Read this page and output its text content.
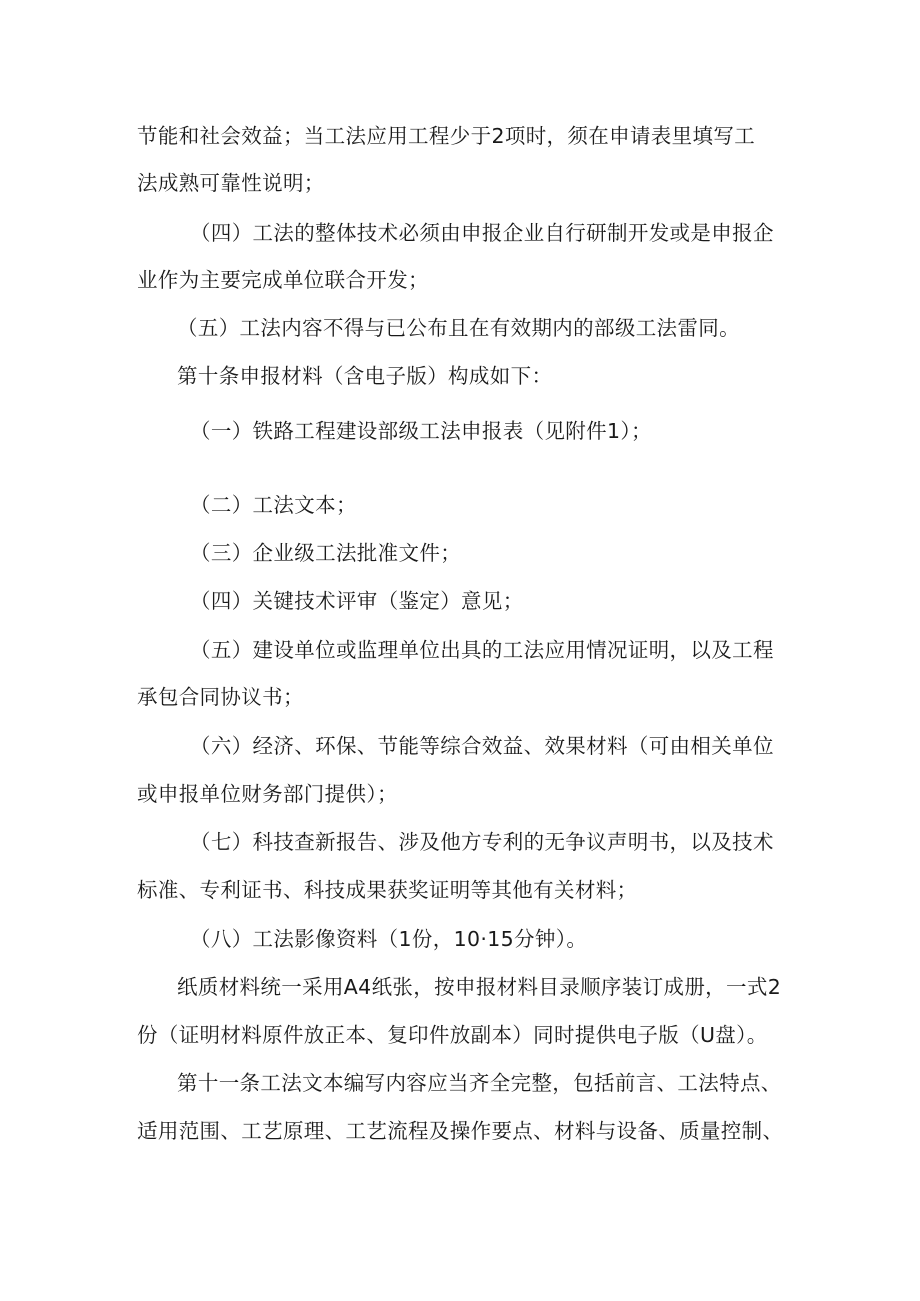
节能和社会效益；当工法应用工程少于2项时，须在申请表里填写工
法成熟可靠性说明；
（四）工法的整体技术必须由申报企业自行研制开发或是申报企
业作为主要完成单位联合开发；
（五）工法内容不得与已公布且在有效期内的部级工法雷同。
第十条申报材料（含电子版）构成如下：
（一）铁路工程建设部级工法申报表（见附件1）；
（二）工法文本；
（三）企业级工法批准文件；
（四）关键技术评审（鉴定）意见；
（五）建设单位或监理单位出具的工法应用情况证明，以及工程
承包合同协议书；
（六）经济、环保、节能等综合效益、效果材料（可由相关单位
或申报单位财务部门提供）；
（七）科技查新报告、涉及他方专利的无争议声明书，以及技术
标准、专利证书、科技成果获奖证明等其他有关材料；
（八）工法影像资料（1份，10·15分钟）。
纸质材料统一采用A4纸张，按申报材料目录顺序装订成册，一式2
份（证明材料原件放正本、复印件放副本）同时提供电子版（U盘）。
第十一条工法文本编写内容应当齐全完整，包括前言、工法特点、
适用范围、工艺原理、工艺流程及操作要点、材料与设备、质量控制、
